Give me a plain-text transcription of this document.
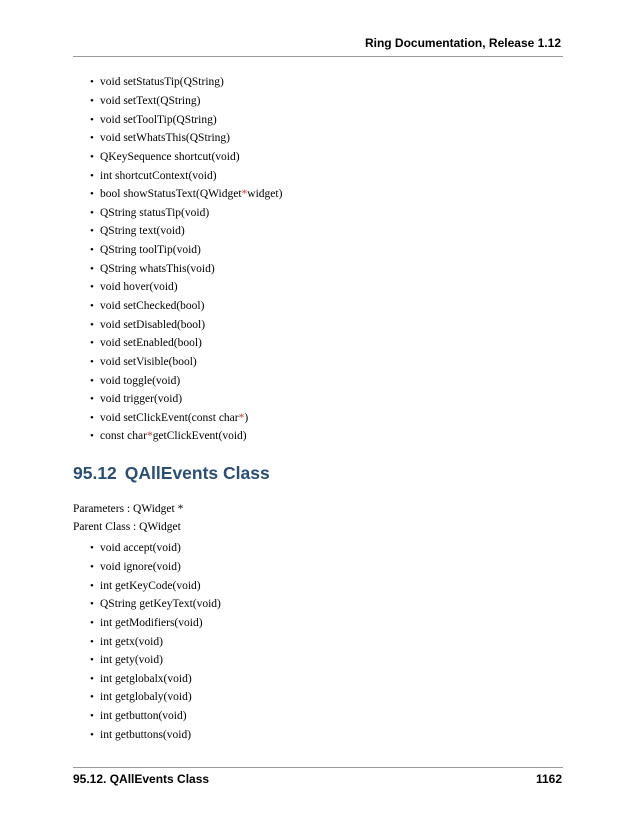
Ring Documentation, Release 1.12
• void setStatusTip(QString)
• void setText(QString)
• void setToolTip(QString)
• void setWhatsThis(QString)
• QKeySequence shortcut(void)
• int shortcutContext(void)
• bool showStatusText(QWidget * widget)
• QString statusTip(void)
• QString text(void)
• QString toolTip(void)
• QString whatsThis(void)
• void hover(void)
• void setChecked(bool)
• void setDisabled(bool)
• void setEnabled(bool)
• void setVisible(bool)
• void toggle(void)
• void trigger(void)
• void setClickEvent(const char * )
• const char * getClickEvent(void)
95.12 QAllEvents Class

Parameters : QWidget *

Parent Class : QWidget

• void accept(void)
• void ignore(void)
• int getKeyCode(void)
• QString getKeyText(void)
• int getModifiers(void)
• int getx(void)
• int gety(void)
• int getglobalx(void)
• int getglobaly(void)
• int getbutton(void)
• int getbuttons(void)
95.12. QAllEvents Class	1162
